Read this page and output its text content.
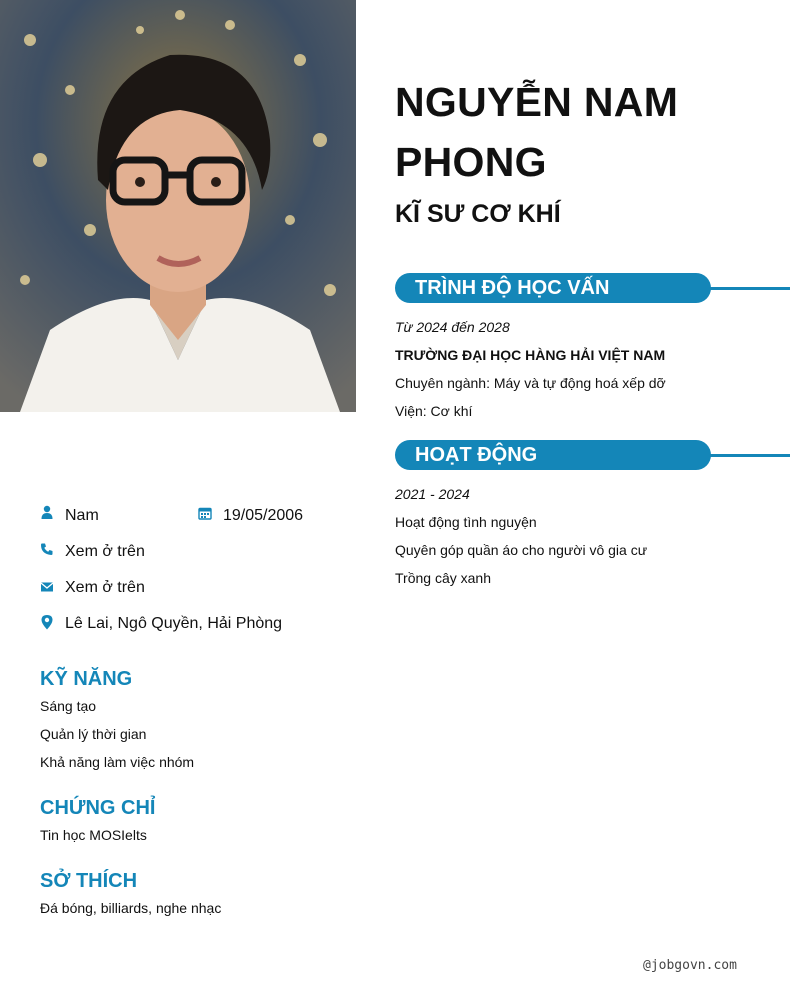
NGUYỄN NAM PHONG
KĨ SƯ CƠ KHÍ
TRÌNH ĐỘ HỌC VẤN
Từ 2024 đến 2028
TRƯỜNG ĐẠI HỌC HÀNG HẢI VIỆT NAM
Chuyên ngành: Máy và tự động hoá xếp dỡ
Viện: Cơ khí
HOẠT ĐỘNG
2021 - 2024
Hoạt động tình nguyện
Quyên góp quần áo cho người vô gia cư
Trồng cây xanh
Nam	19/05/2006
Xem ở trên
Xem ở trên
Lê Lai, Ngô Quyền, Hải Phòng
KỸ NĂNG
Sáng tạo
Quản lý thời gian
Khả năng làm việc nhóm
CHỨNG CHỈ
Tin học MOSIelts
SỞ THÍCH
Đá bóng, billiards, nghe nhạc
@jobgovn.com
